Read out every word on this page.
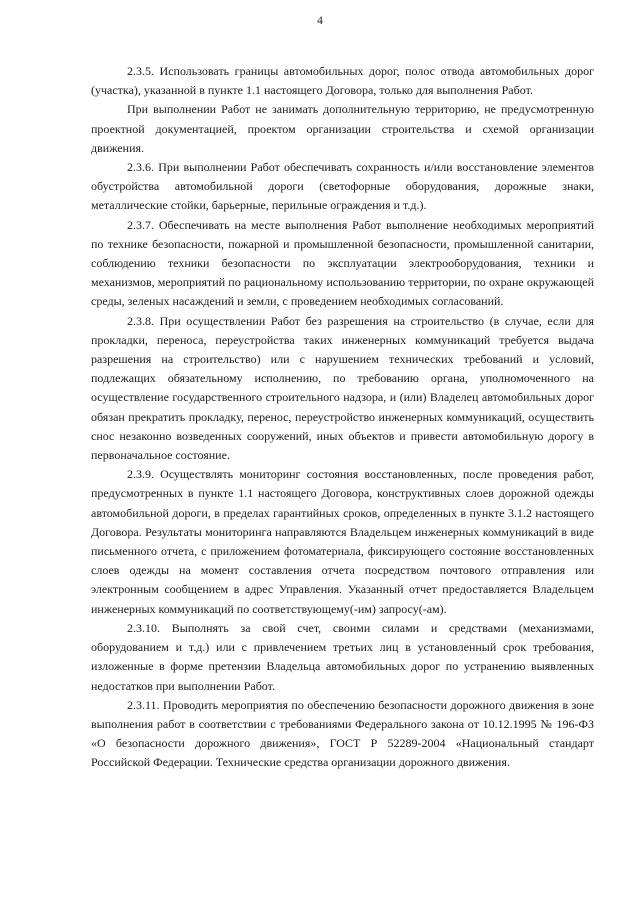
4

2.3.5. Использовать границы автомобильных дорог, полос отвода автомобильных дорог (участка), указанной в пункте 1.1 настоящего Договора, только для выполнения Работ.

При выполнении Работ не занимать дополнительную территорию, не предусмотренную проектной документацией, проектом организации строительства и схемой организации движения.

2.3.6. При выполнении Работ обеспечивать сохранность и/или восстановление элементов обустройства автомобильной дороги (светофорные оборудования, дорожные знаки, металлические стойки, барьерные, перильные ограждения и т.д.).

2.3.7. Обеспечивать на месте выполнения Работ выполнение необходимых мероприятий по технике безопасности, пожарной и промышленной безопасности, промышленной санитарии, соблюдению техники безопасности по эксплуатации электрооборудования, техники и механизмов, мероприятий по рациональному использованию территории, по охране окружающей среды, зеленых насаждений и земли, с проведением необходимых согласований.

2.3.8. При осуществлении Работ без разрешения на строительство (в случае, если для прокладки, переноса, переустройства таких инженерных коммуникаций требуется выдача разрешения на строительство) или с нарушением технических требований и условий, подлежащих обязательному исполнению, по требованию органа, уполномоченного на осуществление государственного строительного надзора, и (или) Владелец автомобильных дорог обязан прекратить прокладку, перенос, переустройство инженерных коммуникаций, осуществить снос незаконно возведенных сооружений, иных объектов и привести автомобильную дорогу в первоначальное состояние.

2.3.9. Осуществлять мониторинг состояния восстановленных, после проведения работ, предусмотренных в пункте 1.1 настоящего Договора, конструктивных слоев дорожной одежды автомобильной дороги, в пределах гарантийных сроков, определенных в пункте 3.1.2 настоящего Договора. Результаты мониторинга направляются Владельцем инженерных коммуникаций в виде письменного отчета, с приложением фотоматериала, фиксирующего состояние восстановленных слоев одежды на момент составления отчета посредством почтового отправления или электронным сообщением в адрес Управления. Указанный отчет предоставляется Владельцем инженерных коммуникаций по соответствующему(-им) запросу(-ам).

2.3.10. Выполнять за свой счет, своими силами и средствами (механизмами, оборудованием и т.д.) или с привлечением третьих лиц в установленный срок требования, изложенные в форме претензии Владельца автомобильных дорог по устранению выявленных недостатков при выполнении Работ.

2.3.11. Проводить мероприятия по обеспечению безопасности дорожного движения в зоне выполнения работ в соответствии с требованиями Федерального закона от 10.12.1995 № 196-ФЗ «О безопасности дорожного движения», ГОСТ Р 52289-2004 «Национальный стандарт Российской Федерации. Технические средства организации дорожного движения.
